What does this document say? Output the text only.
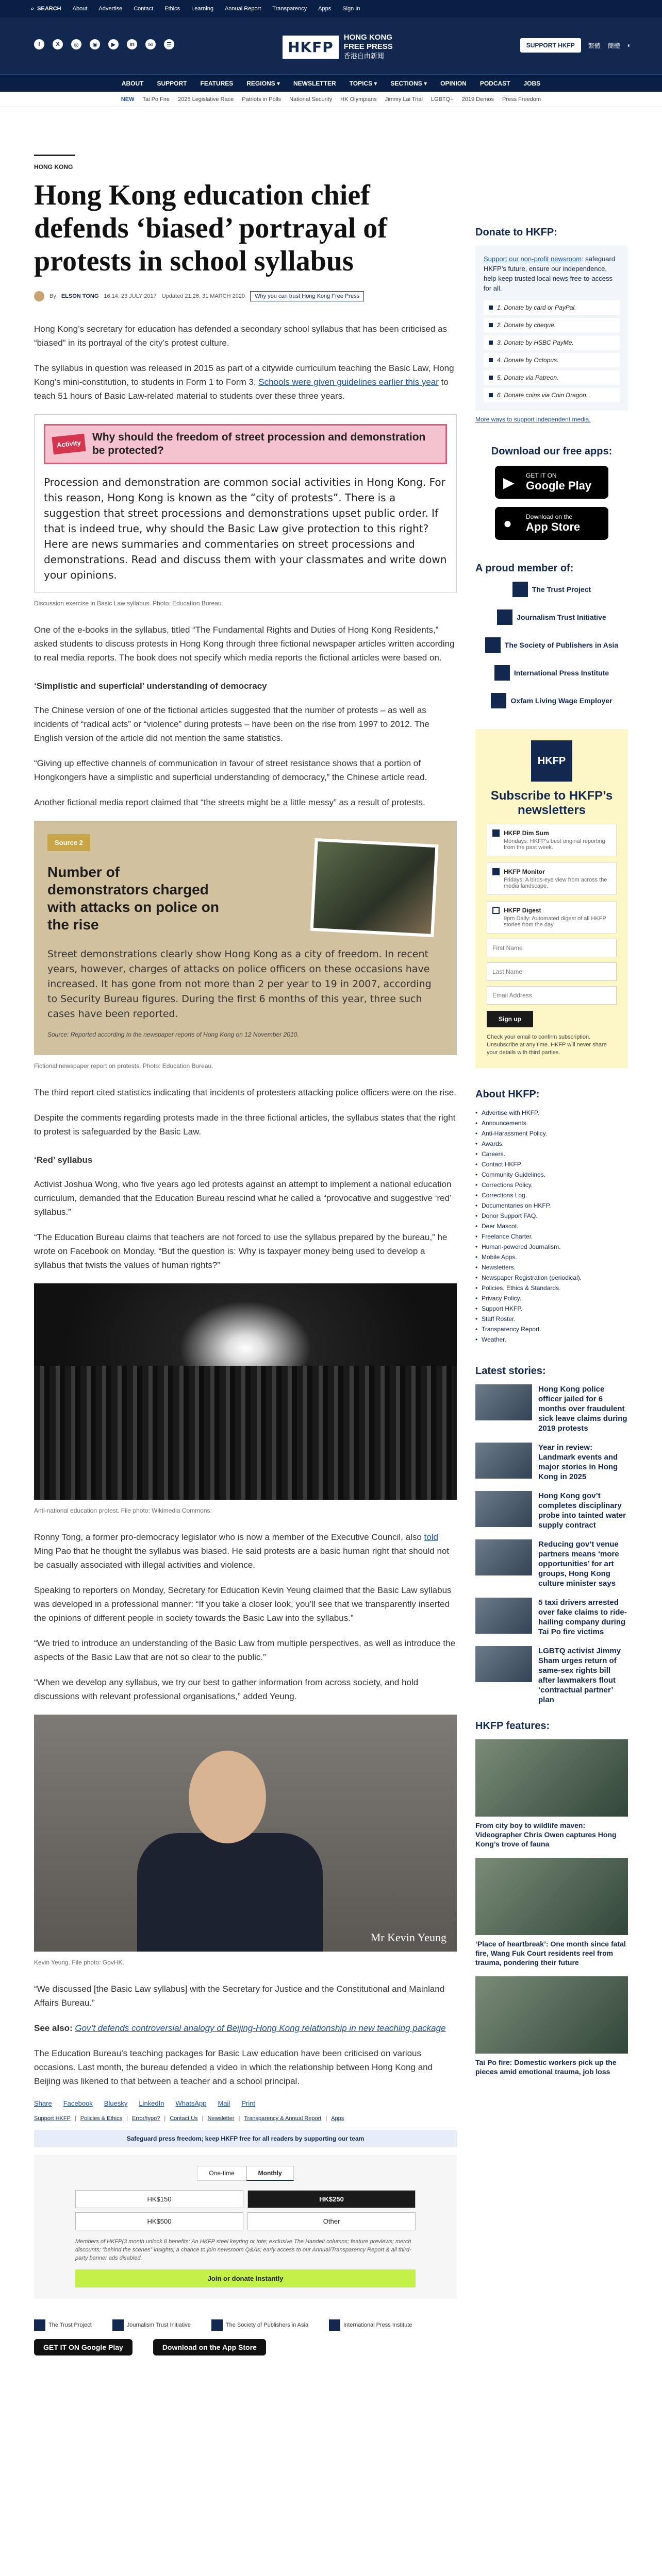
⌕ SEARCH About Advertise Contact Ethics Learning Annual Report Transparency Apps Sign In
f	X	◎	◉	▶	in	✉	☰	HKFP
HONG KONG
FREE PRESS
香港自由新聞
SUPPORT HKFP	繁體 簡體 ◐
ABOUT SUPPORT FEATURES REGIONS ▾ NEWSLETTER TOPICS ▾ SECTIONS ▾ OPINION PODCAST JOBS
NEW Tai Po Fire 2025 Legislative Race Patriots in Polls National Security HK Olympians Jimmy Lai Trial LGBTQ+ 2019 Demos Press Freedom
HONG KONG
Hong Kong education chief defends ‘biased’ portrayal of protests in school syllabus
By ELSON TONG 16:14, 23 JULY 2017 Updated 21:26, 31 MARCH 2020	Why you can trust Hong Kong Free Press

Hong Kong’s secretary for education has defended a secondary school syllabus that has been criticised as “biased” in its portrayal of the city’s protest culture.

The syllabus in question was released in 2015 as part of a citywide curriculum teaching the Basic Law, Hong Kong’s mini-constitution, to students in Form 1 to Form 3. Schools were given guidelines earlier this year to teach 51 hours of Basic Law-related material to students over these three years.

Activity
Why should the freedom of street procession and demonstration be protected?
Procession and demonstration are common social activities in Hong Kong. For this reason, Hong Kong is known as the “city of protests”. There is a suggestion that street processions and demonstrations upset public order. If that is indeed true, why should the Basic Law give protection to this right? Here are news summaries and commentaries on street processions and demonstrations. Read and discuss them with your classmates and write down your opinions.
Discussion exercise in Basic Law syllabus. Photo: Education Bureau.

One of the e-books in the syllabus, titled “The Fundamental Rights and Duties of Hong Kong Residents,” asked students to discuss protests in Hong Kong through three fictional newspaper articles written according to real media reports. The book does not specify which media reports the fictional articles were based on.

‘Simplistic and superficial’ understanding of democracy

The Chinese version of one of the fictional articles suggested that the number of protests – as well as incidents of “radical acts” or “violence” during protests – have been on the rise from 1997 to 2012. The English version of the article did not mention the same statistics.

“Giving up effective channels of communication in favour of street resistance shows that a portion of Hongkongers have a simplistic and superficial understanding of democracy,” the Chinese article read.

Another fictional media report claimed that “the streets might be a little messy” as a result of protests.

Source 2
Number of demonstrators charged with attacks on police on the rise
Street demonstrations clearly show Hong Kong as a city of freedom. In recent years, however, charges of attacks on police officers on these occasions have increased. It has gone from not more than 2 per year to 19 in 2007, according to Security Bureau figures. During the first 6 months of this year, three such cases have been reported.
Source: Reported according to the newspaper reports of Hong Kong on 12 November 2010.
Fictional newspaper report on protests. Photo: Education Bureau.

The third report cited statistics indicating that incidents of protesters attacking police officers were on the rise.

Despite the comments regarding protests made in the three fictional articles, the syllabus states that the right to protest is safeguarded by the Basic Law.

‘Red’ syllabus

Activist Joshua Wong, who five years ago led protests against an attempt to implement a national education curriculum, demanded that the Education Bureau rescind what he called a “provocative and suggestive ‘red’ syllabus.”

“The Education Bureau claims that teachers are not forced to use the syllabus prepared by the bureau,” he wrote on Facebook on Monday. “But the question is: Why is taxpayer money being used to develop a syllabus that twists the values of human rights?”

Anti-national education protest. File photo: Wikimedia Commons.

Ronny Tong, a former pro-democracy legislator who is now a member of the Executive Council, also told Ming Pao that he thought the syllabus was biased. He said protests are a basic human right that should not be casually associated with illegal activities and violence.

Speaking to reporters on Monday, Secretary for Education Kevin Yeung claimed that the Basic Law syllabus was developed in a professional manner: “If you take a closer look, you’ll see that we transparently inserted the opinions of different people in society towards the Basic Law into the syllabus.”

“We tried to introduce an understanding of the Basic Law from multiple perspectives, as well as introduce the aspects of the Basic Law that are not so clear to the public.”

“When we develop any syllabus, we try our best to gather information from across society, and hold discussions with relevant professional organisations,” added Yeung.

Mr Kevin Yeung
Kevin Yeung. File photo: GovHK.

“We discussed [the Basic Law syllabus] with the Secretary for Justice and the Constitutional and Mainland Affairs Bureau.”

See also: Gov’t defends controversial analogy of Beijing-Hong Kong relationship in new teaching package

The Education Bureau’s teaching packages for Basic Law education have been criticised on various occasions. Last month, the bureau defended a video in which the relationship between Hong Kong and Beijing was likened to that between a teacher and a school principal.

Share Facebook Bluesky LinkedIn WhatsApp Mail Print
Support HKFP | Policies & Ethics | Error/typo? | Contact Us | Newsletter | Transparency & Annual Report | Apps
Safeguard press freedom; keep HKFP free for all readers by supporting our team
One-time	Monthly
HK$150	HK$250
HK$500	Other
Members of HKFP(3 month unlock 8 benefits: An HKFP steel keyring or tote; exclusive The Handelt columns; feature previews; merch discounts; “behind the scenes” insights; a chance to join newsroom Q&As; early access to our Annual/Transparency Report & all third-party banner ads disabled.
Join or donate instantly
The Trust Project	Journalism Trust Initiative	The Society of Publishers in Asia	International Press Institute
GET IT ON Google Play	Download on the App Store
Donate to HKFP:
Support our non-profit newsroom: safeguard HKFP’s future, ensure our independence, help keep trusted local news free-to-access for all.
1. Donate by card or PayPal.
2. Donate by cheque.
3. Donate by HSBC PayMe.
4. Donate by Octopus.
5. Donate via Patreon.
6. Donate coins via Coin Dragon.
More ways to support independent media.
Download our free apps:
▶ GET IT ON
Google Play
● Download on the
App Store
A proud member of:
The Trust Project
Journalism Trust Initiative
The Society of Publishers in Asia
International Press Institute
Oxfam Living Wage Employer
HKFP
Subscribe to HKFP’s newsletters
HKFP Dim Sum

Mondays: HKFP’s best original reporting from the past week.

HKFP Monitor

Fridays: A birds-eye view from across the media landscape.

HKFP Digest

9pm Daily: Automated digest of all HKFP stories from the day.

First Name Last Name Email Address
Sign up
Check your email to confirm subscription. Unsubscribe at any time. HKFP will never share your details with third parties.
About HKFP:
• Advertise with HKFP.
• Announcements.
• Anti-Harassment Policy.
• Awards.
• Careers.
• Contact HKFP.
• Community Guidelines.
• Corrections Policy.
• Corrections Log.
• Documentaries on HKFP.
• Donor Support FAQ.
• Deer Mascot.
• Freelance Charter.
• Human-powered Journalism.
• Mobile Apps.
• Newsletters.
• Newspaper Registration (periodical).
• Policies, Ethics & Standards.
• Privacy Policy.
• Support HKFP.
• Staff Roster.
• Transparency Report.
• Weather.
Latest stories:
Hong Kong police officer jailed for 6 months over fraudulent sick leave claims during 2019 protests
Year in review: Landmark events and major stories in Hong Kong in 2025
Hong Kong gov’t completes disciplinary probe into tainted water supply contract
Reducing gov’t venue partners means ‘more opportunities’ for art groups, Hong Kong culture minister says
5 taxi drivers arrested over fake claims to ride-hailing company during Tai Po fire victims
LGBTQ activist Jimmy Sham urges return of same-sex rights bill after lawmakers flout ‘contractual partner’ plan
HKFP features:
From city boy to wildlife maven: Videographer Chris Owen captures Hong Kong’s trove of fauna
‘Place of heartbreak’: One month since fatal fire, Wang Fuk Court residents reel from trauma, pondering their future
Tai Po fire: Domestic workers pick up the pieces amid emotional trauma, job loss
